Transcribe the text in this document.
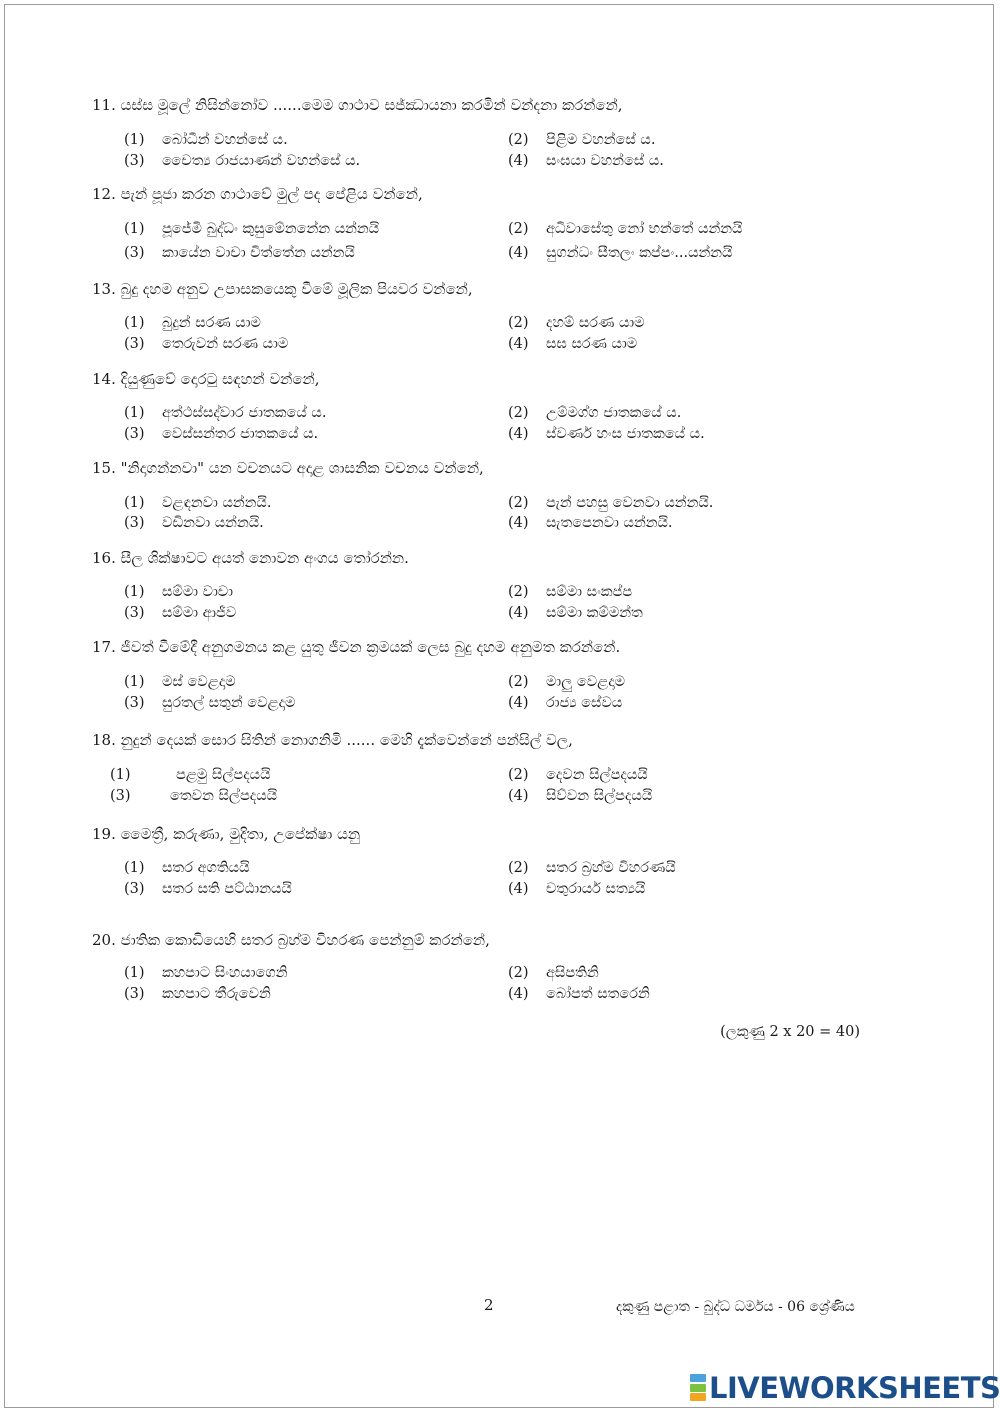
11. යස්ස මූලේ නිසින්නෝව ......මෙම ගාථාව සජ්ඣායනා කරමින් වන්දනා කරන්නේ,
(1) බෝධීන් වහන්සේ ය.	(2) පිළිම වහන්සේ ය.
(3) චෛත්‍ය රාජයාණන් වහන්සේ ය.	(4) සංඝයා වහන්සේ ය.
12. පැන් පූජා කරන ගාථාවේ මුල් පද පේළිය වන්නේ,
(1) පූජේමි බුද්ධං කුසුමේනනේන යන්නයි	(2) අධිවාසේතු නෝ භන්තේ යන්නයි
(3) කායේන වාචා චිත්තේන යන්නයි	(4) සුගන්ධං සීතලං කප්පං...යන්නයි
13. බුදු දහම අනුව උපාසකයෙකු වීමේ මූලික පියවර වන්නේ,
(1) බුදුන් සරණ යාම	(2) දහම් සරණ යාම
(3) තෙරුවන් සරණ යාම	(4) සඝ සරණ යාම
14. දියුණුවේ දොරටු සඳහන් වන්නේ,
(1) අත්ථස්සද්වාර ජාතකයේ ය.	(2) උම්මග්ග ජාතකයේ ය.
(3) වෙස්සන්තර ජාතකයේ ය.	(4) ස්වර්ණ හංස ජාතකයේ ය.
15. "නිදාගන්නවා" යන වචනයට අදාළ ශාසනික වචනය වන්නේ,
(1) වළඳනවා යන්නයි.	(2) පැන් පහසු වෙනවා යන්නයි.
(3) වඩිනවා යන්නයි.	(4) සැතපෙනවා යන්නයි.
16. සීල ශික්ෂාවට අයත් නොවන අංගය තෝරන්න.
(1) සම්මා වාචා	(2) සම්මා සංකප්ප
(3) සම්මා ආජීව	(4) සම්මා කම්මන්ත
17. ජීවත් වීමේදී අනුගමනය කළ යුතු ජීවන ක්‍රමයක් ලෙස බුදු දහම අනුමත කරන්නේ.
(1) මස් වෙළදාම	(2) මාලු වෙළදාම
(3) සුරතල් සතුන් වෙළදාම	(4) රාජ්‍ය සේවය
18. නුදුන් දෙයක් සොර සිතින් නොගනිමි ...... මෙහි දැක්වෙන්නේ පන්සිල් වල,
(1)	පළමු සිල්පදයයි	(2) දෙවන සිල්පදයයි
(3)	තෙවන සිල්පදයයි	(4) සිව්වන සිල්පදයයි
19. මෛත්‍රී, කරුණා, මුදිතා, උපේක්ෂා යනු
(1) සතර අගතියයි	(2) සතර බ්‍රහ්ම විහරණයි
(3) සතර සති පට්ඨානයයි	(4) චතුරාර්ය සත්‍යයි
20. ජාතික කොඩියෙහි සතර බ්‍රහ්ම විහරණ පෙන්නුම් කරන්නේ,
(1) කහපාට සිංහයාගෙනි	(2) අසිපතිනි
(3) කහපාට තීරුවෙනි	(4) බෝපත් සතරෙනි
(ලකුණු 2 x 20 = 40)
2	දකුණු පළාත - බුද්ධ ධර්මය - 06 ශ්‍රේණිය
LIVEWORKSHEETS
